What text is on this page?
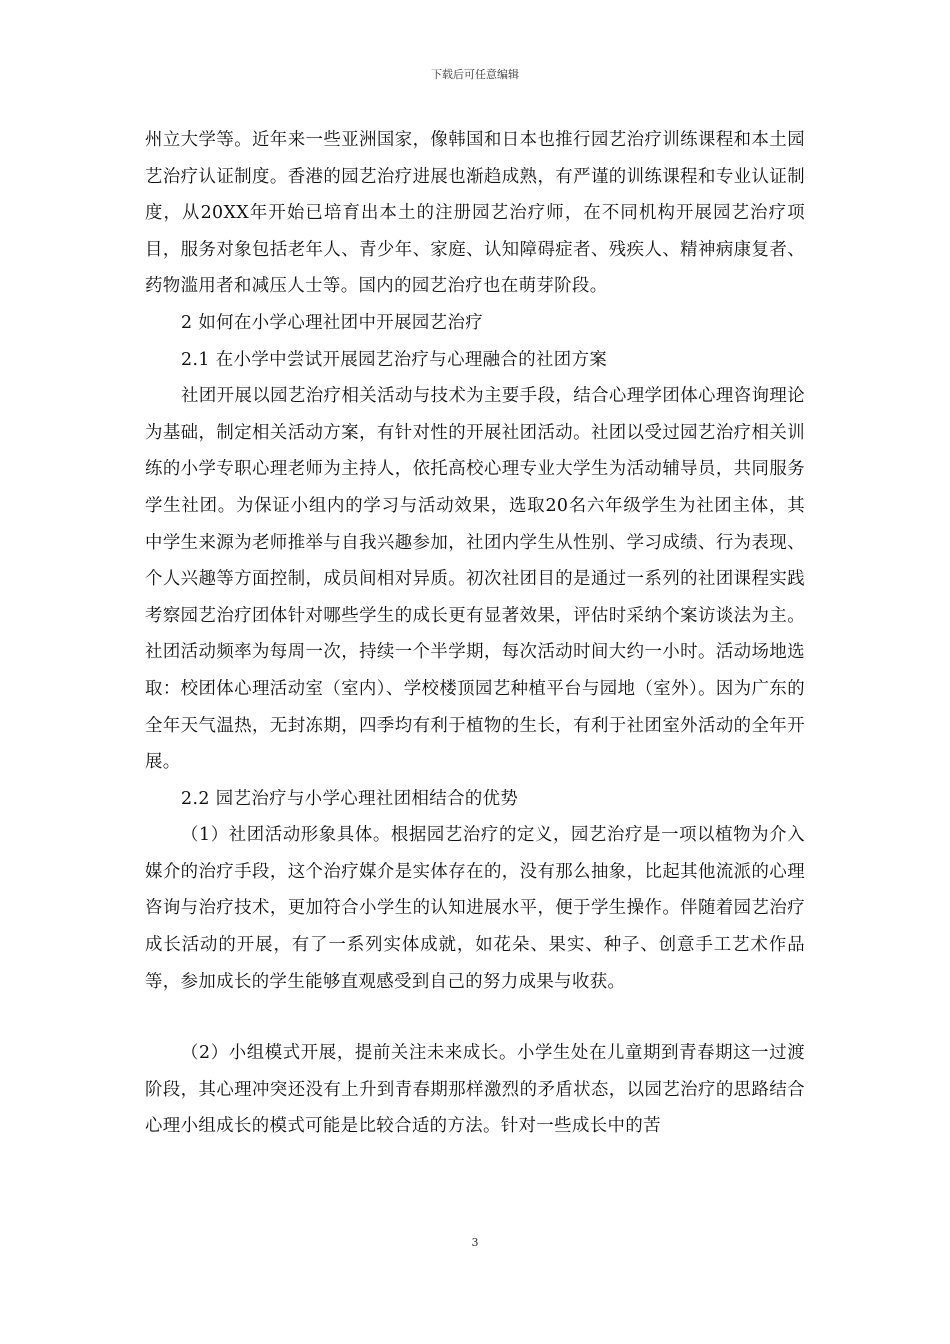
下载后可任意编辑

州立大学等。近年来一些亚洲国家，像韩国和日本也推行园艺治疗训练课程和本土园艺治疗认证制度。香港的园艺治疗进展也渐趋成熟，有严谨的训练课程和专业认证制度，从20XX年开始已培育出本土的注册园艺治疗师，在不同机构开展园艺治疗项目，服务对象包括老年人、青少年、家庭、认知障碍症者、残疾人、精神病康复者、药物滥用者和减压人士等。国内的园艺治疗也在萌芽阶段。

2 如何在小学心理社团中开展园艺治疗

2.1 在小学中尝试开展园艺治疗与心理融合的社团方案

社团开展以园艺治疗相关活动与技术为主要手段，结合心理学团体心理咨询理论为基础，制定相关活动方案，有针对性的开展社团活动。社团以受过园艺治疗相关训练的小学专职心理老师为主持人，依托高校心理专业大学生为活动辅导员，共同服务学生社团。为保证小组内的学习与活动效果，选取20名六年级学生为社团主体，其中学生来源为老师推举与自我兴趣参加，社团内学生从性别、学习成绩、行为表现、个人兴趣等方面控制，成员间相对异质。初次社团目的是通过一系列的社团课程实践考察园艺治疗团体针对哪些学生的成长更有显著效果，评估时采纳个案访谈法为主。社团活动频率为每周一次，持续一个半学期，每次活动时间大约一小时。活动场地选取：校团体心理活动室（室内）、学校楼顶园艺种植平台与园地（室外）。因为广东的全年天气温热，无封冻期，四季均有利于植物的生长，有利于社团室外活动的全年开展。

2.2 园艺治疗与小学心理社团相结合的优势

（1）社团活动形象具体。根据园艺治疗的定义，园艺治疗是一项以植物为介入媒介的治疗手段，这个治疗媒介是实体存在的，没有那么抽象，比起其他流派的心理咨询与治疗技术，更加符合小学生的认知进展水平，便于学生操作。伴随着园艺治疗成长活动的开展，有了一系列实体成就，如花朵、果实、种子、创意手工艺术作品等，参加成长的学生能够直观感受到自己的努力成果与收获。

（2）小组模式开展，提前关注未来成长。小学生处在儿童期到青春期这一过渡阶段，其心理冲突还没有上升到青春期那样激烈的矛盾状态，以园艺治疗的思路结合心理小组成长的模式可能是比较合适的方法。针对一些成长中的苦

3
